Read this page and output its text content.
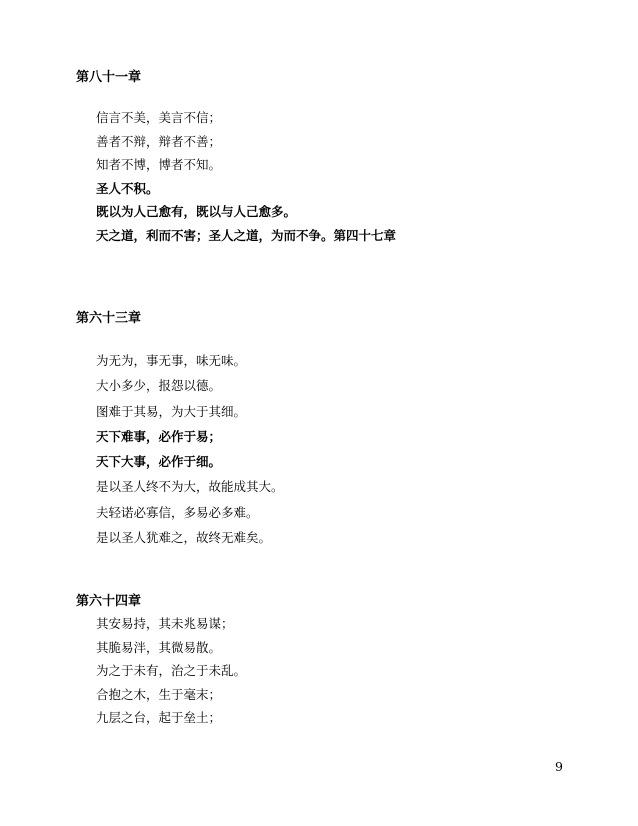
第八十一章
信言不美，美言不信；
善者不辩，辩者不善；
知者不博，博者不知。
圣人不积。
既以为人己愈有，既以与人己愈多。
天之道，利而不害；圣人之道，为而不争。第四十七章
第六十三章
为无为，事无事，味无味。
大小多少，报怨以德。
图难于其易，为大于其细。
天下难事，必作于易；
天下大事，必作于细。
是以圣人终不为大，故能成其大。
夫轻诺必寡信，多易必多难。
是以圣人犹难之，故终无难矣。
第六十四章
其安易持，其未兆易谋；
其脆易泮，其微易散。
为之于未有，治之于未乱。
合抱之木，生于毫末；
九层之台，起于垒土；
9
